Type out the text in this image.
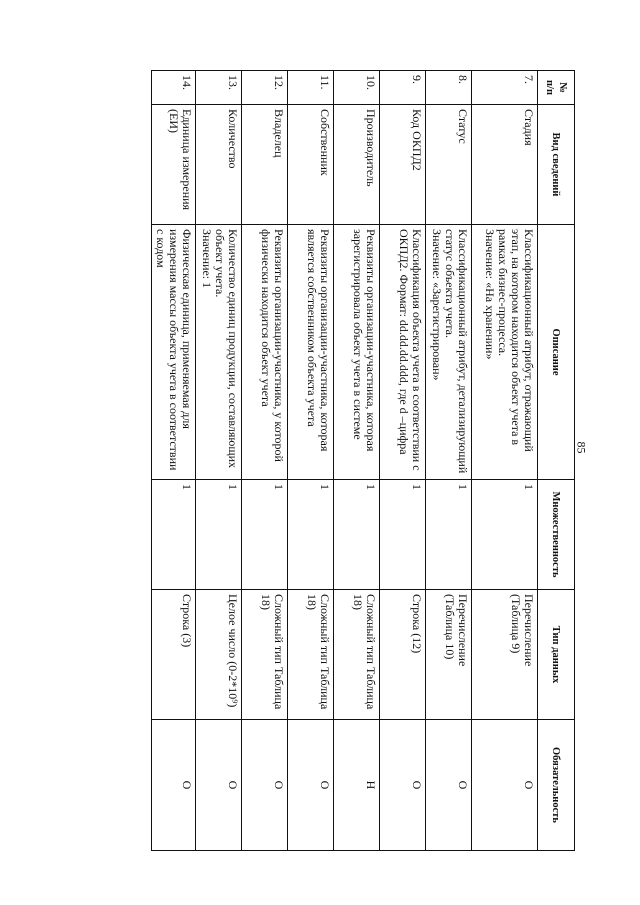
85
№
п/п	Вид сведений	Описание	Множественность	Тип данных	Обязательность
7.	Стадия	Классификационный атрибут, отражающий этап, на котором находится объект учета в рамках бизнес-процесса.
Значение: «На хранении»	1	Перечисление (Таблица 9)	О
8.	Статус	Классификационный атрибут, детализирующий статус объекта учета.
Значение: «Зарегистрирован»	1	Перечисление (Таблица 10)	О
9.	Код ОКПД2	Классификация объекта учета в соответствии с ОКПД2. Формат: dd.dd.dd.ddd, где d –цифра	1	Строка (12)	О
10.	Производитель	Реквизиты организации-участника, которая зарегистрировала объект учета в системе	1	Сложный тип Таблица 18)	Н
11.	Собственник	Реквизиты организации-участника, которая является собственником объекта учета	1	Сложный тип Таблица 18)	О
12.	Владелец	Реквизиты организации-участника, у которой физически находится объект учета	1	Сложный тип Таблица 18)	О
13.	Количество	Количество единиц продукции, составляющих объект учета.
Значение: 1	1	Целое число (0-2*10⁹)	О
14.	Единица измерения (ЕИ)	Физическая единица, применяемая для измерения массы объекта учета в соответствии с кодом	1	Строка (3)	О
